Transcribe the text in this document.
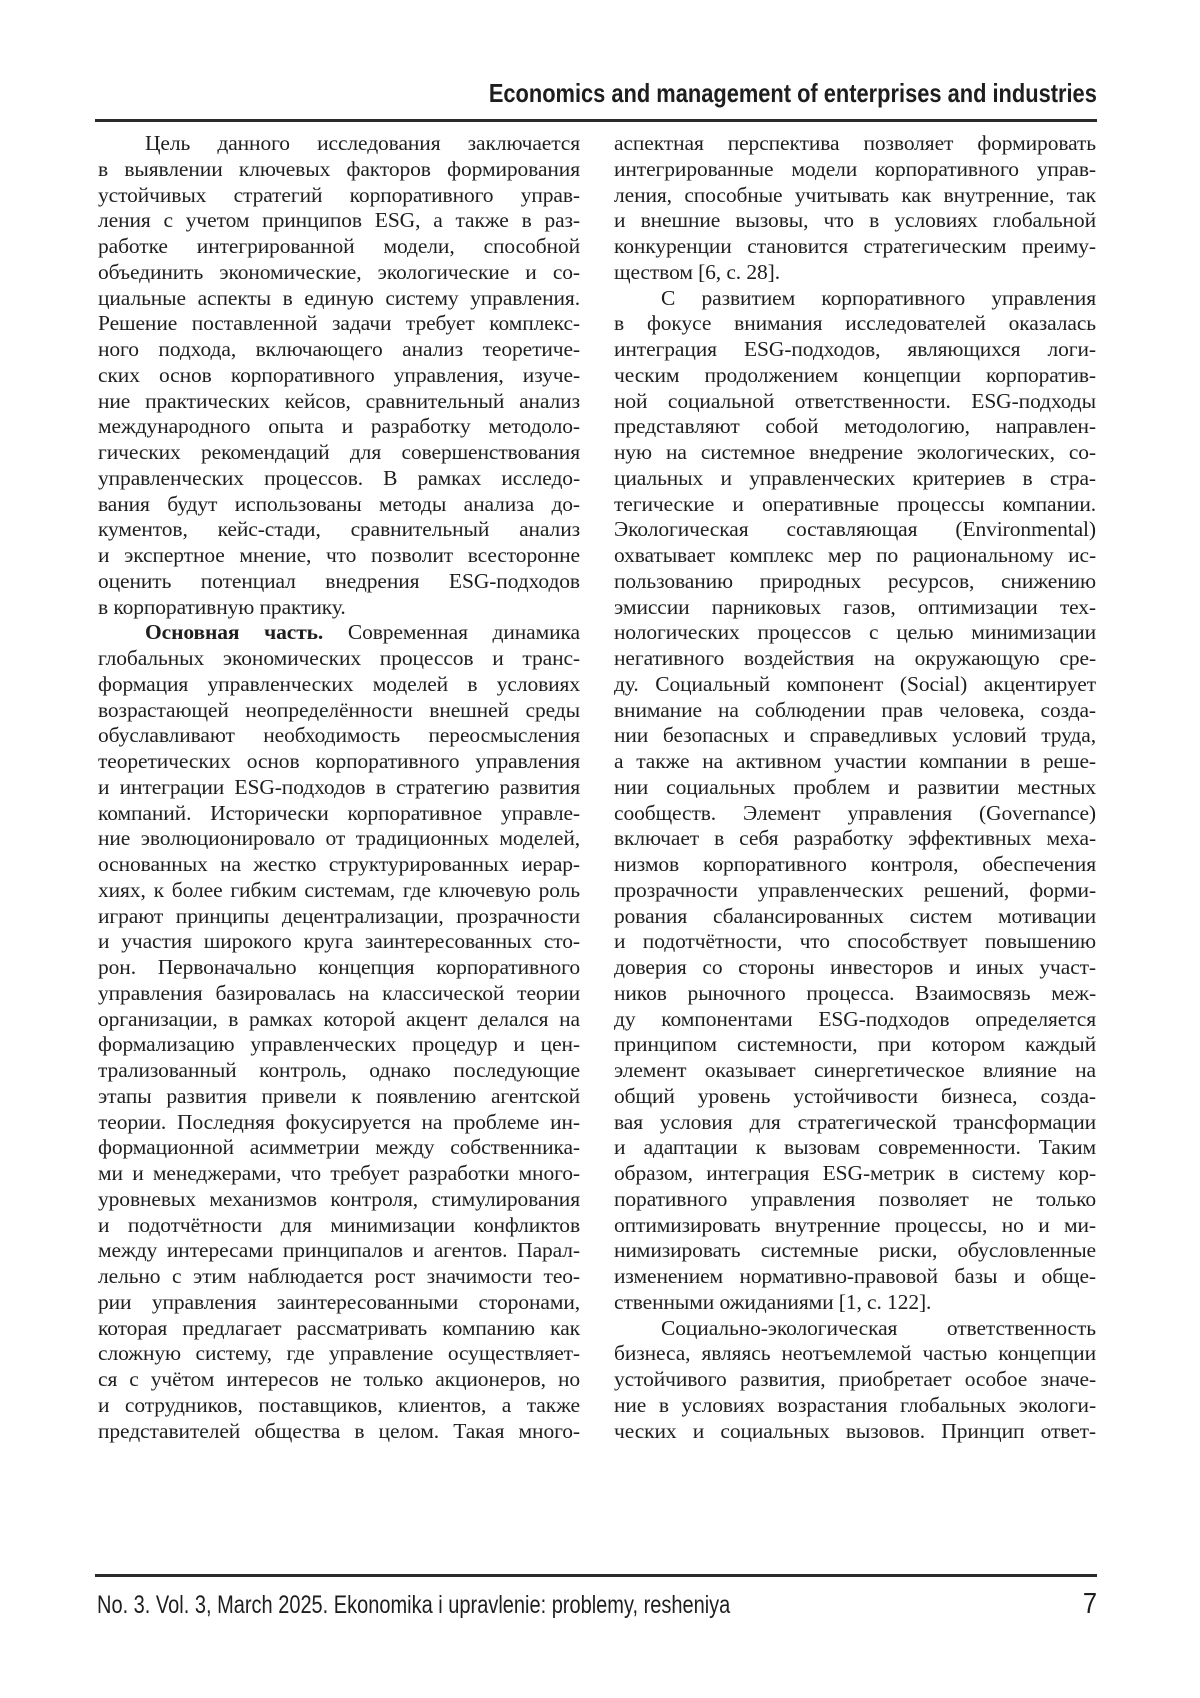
Economics and management of enterprises and industries
Цель данного исследования заключается
в выявлении ключевых факторов формирования
устойчивых стратегий корпоративного управ-
ления с учетом принципов ESG, а также в раз-
работке интегрированной модели, способной
объединить экономические, экологические и со-
циальные аспекты в единую систему управления.
Решение поставленной задачи требует комплекс-
ного подхода, включающего анализ теоретиче-
ских основ корпоративного управления, изуче-
ние практических кейсов, сравнительный анализ
международного опыта и разработку методоло-
гических рекомендаций для совершенствования
управленческих процессов. В рамках исследо-
вания будут использованы методы анализа до-
кументов, кейс-стади, сравнительный анализ
и экспертное мнение, что позволит всесторонне
оценить потенциал внедрения ESG-подходов
в корпоративную практику.
Основная часть. Современная динамика
глобальных экономических процессов и транс-
формация управленческих моделей в условиях
возрастающей неопределённости внешней среды
обуславливают необходимость переосмысления
теоретических основ корпоративного управления
и интеграции ESG-подходов в стратегию развития
компаний. Исторически корпоративное управле-
ние эволюционировало от традиционных моделей,
основанных на жестко структурированных иерар-
хиях, к более гибким системам, где ключевую роль
играют принципы децентрализации, прозрачности
и участия широкого круга заинтересованных сто-
рон. Первоначально концепция корпоративного
управления базировалась на классической теории
организации, в рамках которой акцент делался на
формализацию управленческих процедур и цен-
трализованный контроль, однако последующие
этапы развития привели к появлению агентской
теории. Последняя фокусируется на проблеме ин-
формационной асимметрии между собственника-
ми и менеджерами, что требует разработки много-
уровневых механизмов контроля, стимулирования
и подотчётности для минимизации конфликтов
между интересами принципалов и агентов. Парал-
лельно с этим наблюдается рост значимости тео-
рии управления заинтересованными сторонами,
которая предлагает рассматривать компанию как
сложную систему, где управление осуществляет-
ся с учётом интересов не только акционеров, но
и сотрудников, поставщиков, клиентов, а также
представителей общества в целом. Такая много-
аспектная перспектива позволяет формировать
интегрированные модели корпоративного управ-
ления, способные учитывать как внутренние, так
и внешние вызовы, что в условиях глобальной
конкуренции становится стратегическим преиму-
ществом [6, с. 28].
С развитием корпоративного управления
в фокусе внимания исследователей оказалась
интеграция ESG-подходов, являющихся логи-
ческим продолжением концепции корпоратив-
ной социальной ответственности. ESG-подходы
представляют собой методологию, направлен-
ную на системное внедрение экологических, со-
циальных и управленческих критериев в стра-
тегические и оперативные процессы компании.
Экологическая составляющая (Environmental)
охватывает комплекс мер по рациональному ис-
пользованию природных ресурсов, снижению
эмиссии парниковых газов, оптимизации тех-
нологических процессов с целью минимизации
негативного воздействия на окружающую сре-
ду. Социальный компонент (Social) акцентирует
внимание на соблюдении прав человека, созда-
нии безопасных и справедливых условий труда,
а также на активном участии компании в реше-
нии социальных проблем и развитии местных
сообществ. Элемент управления (Governance)
включает в себя разработку эффективных меха-
низмов корпоративного контроля, обеспечения
прозрачности управленческих решений, форми-
рования сбалансированных систем мотивации
и подотчётности, что способствует повышению
доверия со стороны инвесторов и иных участ-
ников рыночного процесса. Взаимосвязь меж-
ду компонентами ESG-подходов определяется
принципом системности, при котором каждый
элемент оказывает синергетическое влияние на
общий уровень устойчивости бизнеса, созда-
вая условия для стратегической трансформации
и адаптации к вызовам современности. Таким
образом, интеграция ESG-метрик в систему кор-
поративного управления позволяет не только
оптимизировать внутренние процессы, но и ми-
нимизировать системные риски, обусловленные
изменением нормативно-правовой базы и обще-
ственными ожиданиями [1, с. 122].
Социально-экологическая ответственность
бизнеса, являясь неотъемлемой частью концепции
устойчивого развития, приобретает особое значе-
ние в условиях возрастания глобальных экологи-
ческих и социальных вызовов. Принцип ответ-
No. 3. Vol. 3, March 2025. Ekonomika i upravlenie: problemy, resheniya	7
